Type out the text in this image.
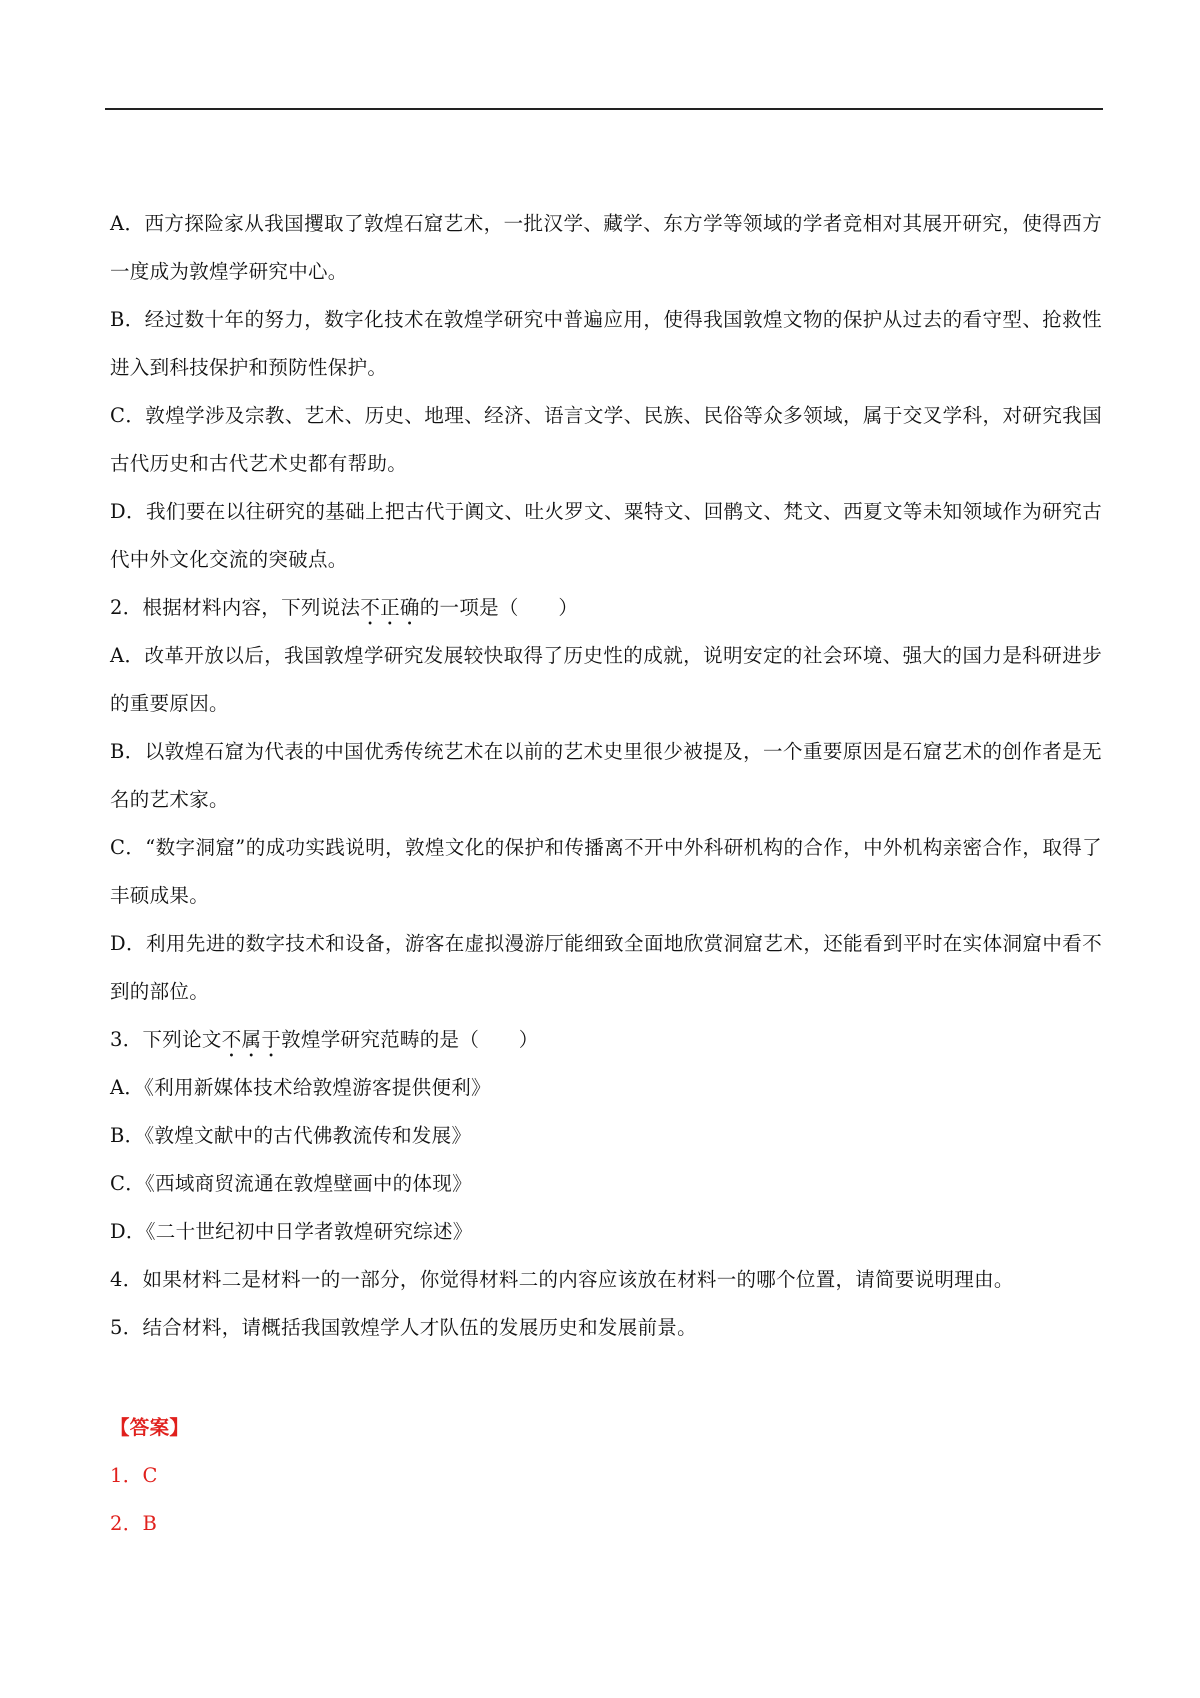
A．西方探险家从我国攫取了敦煌石窟艺术，一批汉学、藏学、东方学等领域的学者竞相对其展开研究，使得西方一度成为敦煌学研究中心。

B．经过数十年的努力，数字化技术在敦煌学研究中普遍应用，使得我国敦煌文物的保护从过去的看守型、抢救性进入到科技保护和预防性保护。

C．敦煌学涉及宗教、艺术、历史、地理、经济、语言文学、民族、民俗等众多领域，属于交叉学科，对研究我国古代历史和古代艺术史都有帮助。

D．我们要在以往研究的基础上把古代于阗文、吐火罗文、粟特文、回鹘文、梵文、西夏文等未知领域作为研究古代中外文化交流的突破点。

2．根据材料内容，下列说法不正确的一项是（　　）

A．改革开放以后，我国敦煌学研究发展较快取得了历史性的成就，说明安定的社会环境、强大的国力是科研进步的重要原因。

B．以敦煌石窟为代表的中国优秀传统艺术在以前的艺术史里很少被提及，一个重要原因是石窟艺术的创作者是无名的艺术家。

C．“数字洞窟”的成功实践说明，敦煌文化的保护和传播离不开中外科研机构的合作，中外机构亲密合作，取得了丰硕成果。

D．利用先进的数字技术和设备，游客在虚拟漫游厅能细致全面地欣赏洞窟艺术，还能看到平时在实体洞窟中看不到的部位。

3．下列论文不属于敦煌学研究范畴的是（　　）

A．《利用新媒体技术给敦煌游客提供便利》

B．《敦煌文献中的古代佛教流传和发展》

C．《西域商贸流通在敦煌壁画中的体现》

D．《二十世纪初中日学者敦煌研究综述》

4．如果材料二是材料一的一部分，你觉得材料二的内容应该放在材料一的哪个位置，请简要说明理由。

5．结合材料，请概括我国敦煌学人才队伍的发展历史和发展前景。

【答案】

1．C

2．B
